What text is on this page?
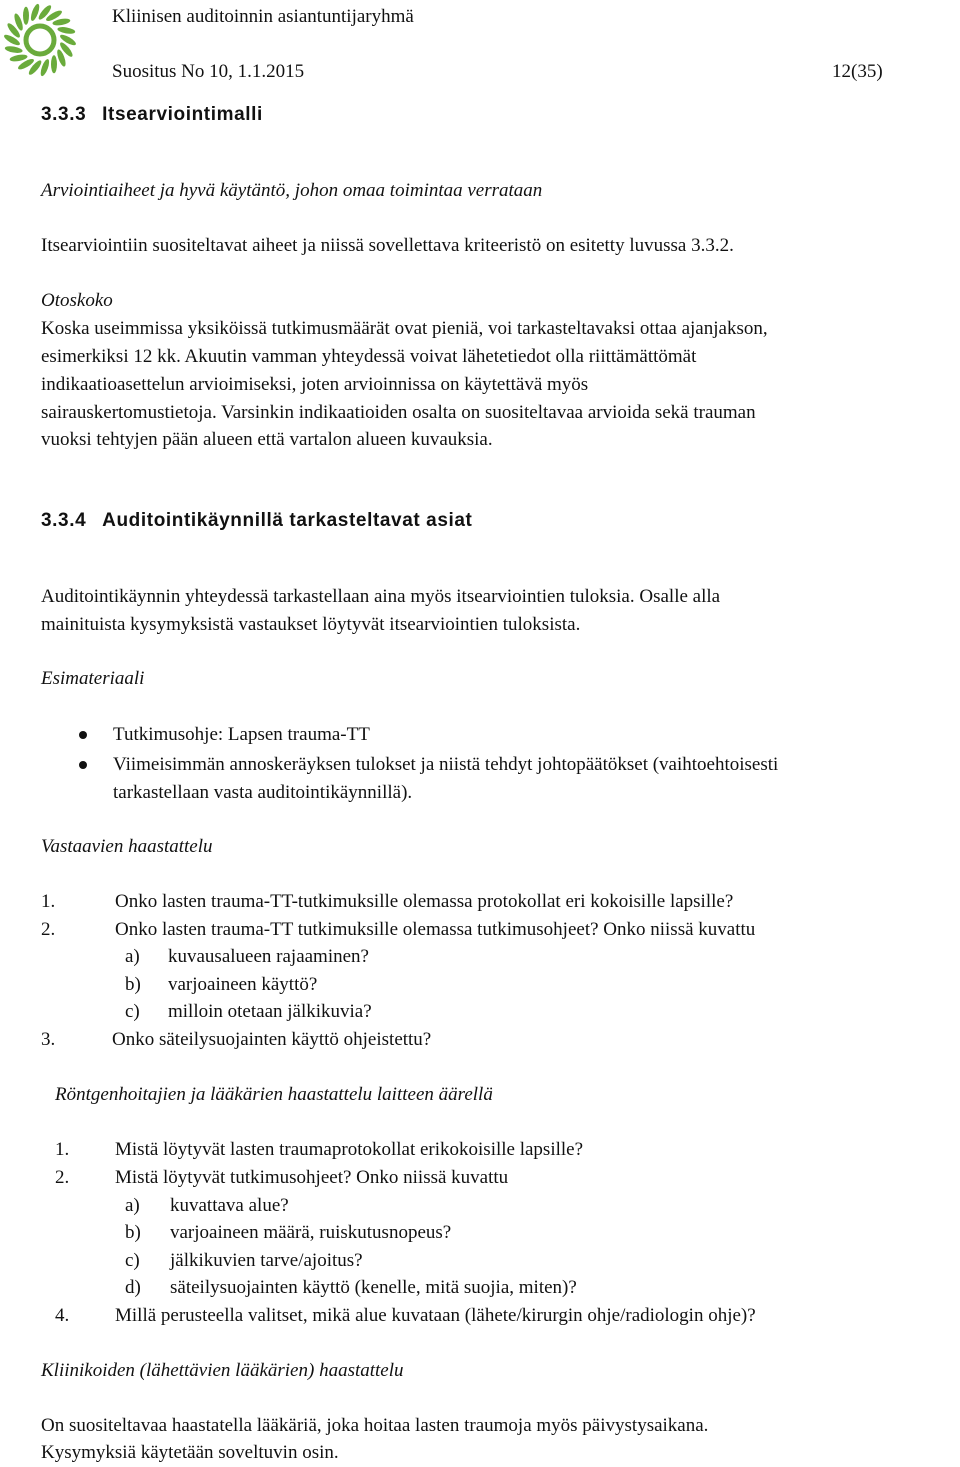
Kliinisen auditoinnin asiantuntijaryhmä
Suositus No 10, 1.1.2015	12(35)
3.3.3 Itsearviointimalli
Arviointiaiheet ja hyvä käytäntö, johon omaa toimintaa verrataan
Itsearviointiin suositeltavat aiheet ja niissä sovellettava kriteeristö on esitetty luvussa 3.3.2.
Otoskoko
Koska useimmissa yksiköissä tutkimusmäärät ovat pieniä, voi tarkasteltavaksi ottaa ajanjakson,
esimerkiksi 12 kk. Akuutin vamman yhteydessä voivat lähetetiedot olla riittämättömät
indikaatioasettelun arvioimiseksi, joten arvioinnissa on käytettävä myös
sairauskertomustietoja. Varsinkin indikaatioiden osalta on suositeltavaa arvioida sekä trauman
vuoksi tehtyjen pään alueen että vartalon alueen kuvauksia.
3.3.4 Auditointikäynnillä tarkasteltavat asiat
Auditointikäynnin yhteydessä tarkastellaan aina myös itsearviointien tuloksia. Osalle alla
mainituista kysymyksistä vastaukset löytyvät itsearviointien tuloksista.
Esimateriaali
Tutkimusohje: Lapsen trauma-TT
Viimeisimmän annoskeräyksen tulokset ja niistä tehdyt johtopäätökset (vaihtoehtoisesti
tarkastellaan vasta auditointikäynnillä).
Vastaavien haastattelu
1.	Onko lasten trauma-TT-tutkimuksille olemassa protokollat eri kokoisille lapsille?
2.	Onko lasten trauma-TT tutkimuksille olemassa tutkimusohjeet? Onko niissä kuvattu
a) kuvausalueen rajaaminen?
b) varjoaineen käyttö?
c) milloin otetaan jälkikuvia?
3.	Onko säteilysuojainten käyttö ohjeistettu?
Röntgenhoitajien ja lääkärien haastattelu laitteen äärellä
1. Mistä löytyvät lasten traumaprotokollat erikokoisille lapsille?
2. Mistä löytyvät tutkimusohjeet? Onko niissä kuvattu
a) kuvattava alue?
b) varjoaineen määrä, ruiskutusnopeus?
c) jälkikuvien tarve/ajoitus?
d) säteilysuojainten käyttö (kenelle, mitä suojia, miten)?
4. Millä perusteella valitset, mikä alue kuvataan (lähete/kirurgin ohje/radiologin ohje)?
Kliinikoiden (lähettävien lääkärien) haastattelu
On suositeltavaa haastatella lääkäriä, joka hoitaa lasten traumoja myös päivystysaikana.
Kysymyksiä käytetään soveltuvin osin.
